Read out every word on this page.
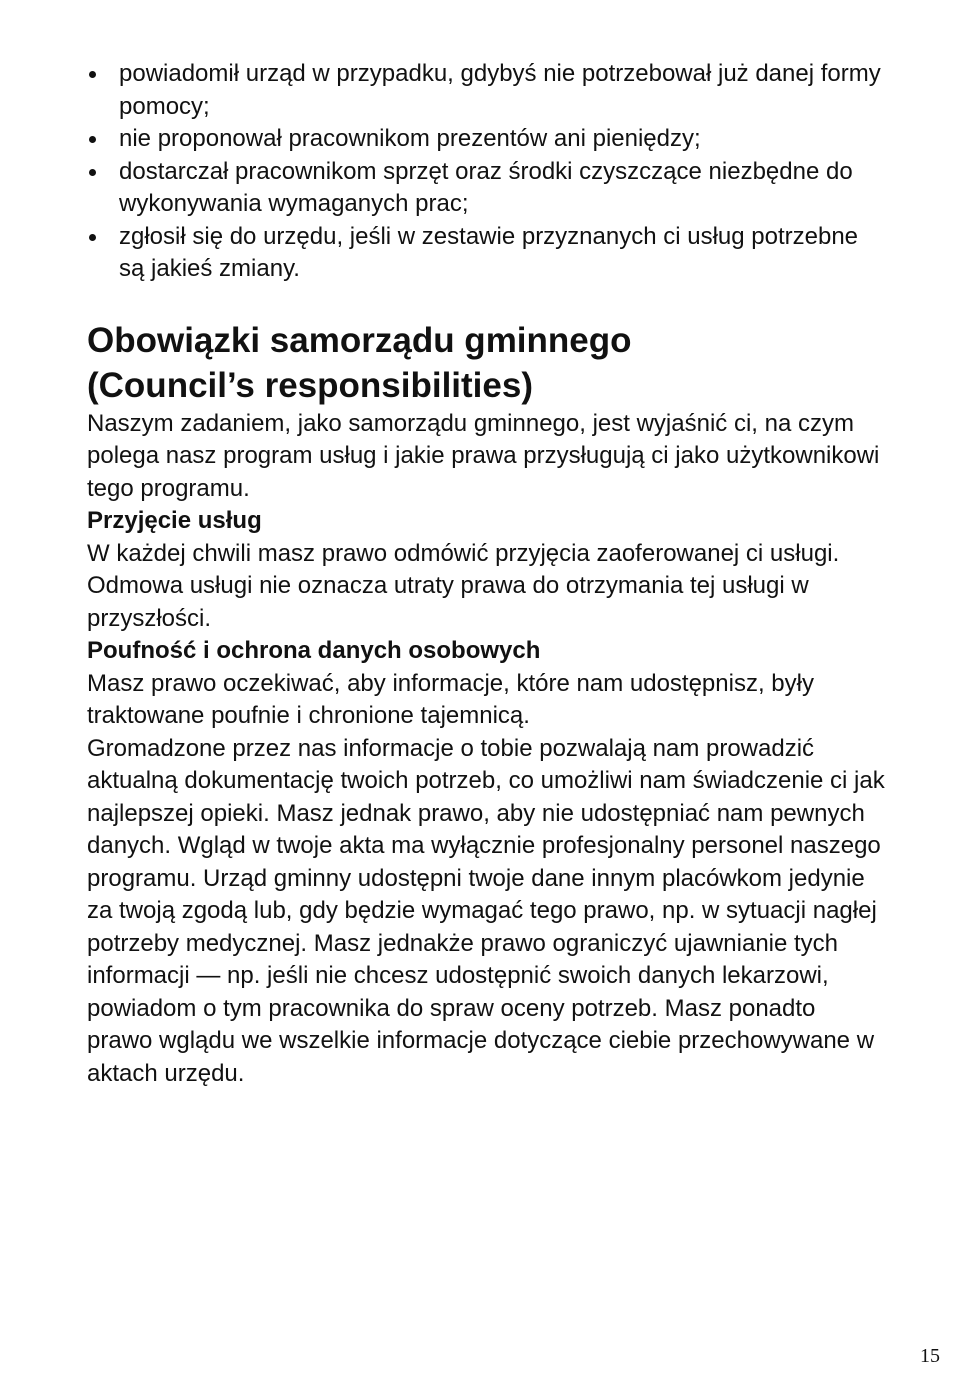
powiadomił urząd w przypadku, gdybyś nie potrzebował już danej formy pomocy;
nie proponował pracownikom prezentów ani pieniędzy;
dostarczał pracownikom sprzęt oraz środki czyszczące niezbędne do wykonywania wymaganych prac;
zgłosił się do urzędu, jeśli w zestawie przyznanych ci usług potrzebne są jakieś zmiany.
Obowiązki samorządu gminnego
(Council’s responsibilities)

Naszym zadaniem, jako samorządu gminnego, jest wyjaśnić ci, na czym polega nasz program usług i jakie prawa przysługują ci jako użytkownikowi tego programu.

Przyjęcie usług

W każdej chwili masz prawo odmówić przyjęcia zaoferowanej ci usługi. Odmowa usługi nie oznacza utraty prawa do otrzymania tej usługi w przyszłości.

Poufność i ochrona danych osobowych

Masz prawo oczekiwać, aby informacje, które nam udostępnisz, były traktowane poufnie i chronione tajemnicą.

Gromadzone przez nas informacje o tobie pozwalają nam prowadzić aktualną dokumentację twoich potrzeb, co umożliwi nam świadczenie ci jak najlepszej opieki. Masz jednak prawo, aby nie udostępniać nam pewnych danych. Wgląd w twoje akta ma wyłącznie profesjonalny personel naszego programu. Urząd gminny udostępni twoje dane innym placówkom jedynie za twoją zgodą lub, gdy będzie wymagać tego prawo, np. w sytuacji nagłej potrzeby medycznej. Masz jednakże prawo ograniczyć ujawnianie tych informacji — np. jeśli nie chcesz udostępnić swoich danych lekarzowi, powiadom o tym pracownika do spraw oceny potrzeb. Masz ponadto prawo wglądu we wszelkie informacje dotyczące ciebie przechowywane w aktach urzędu.

15
